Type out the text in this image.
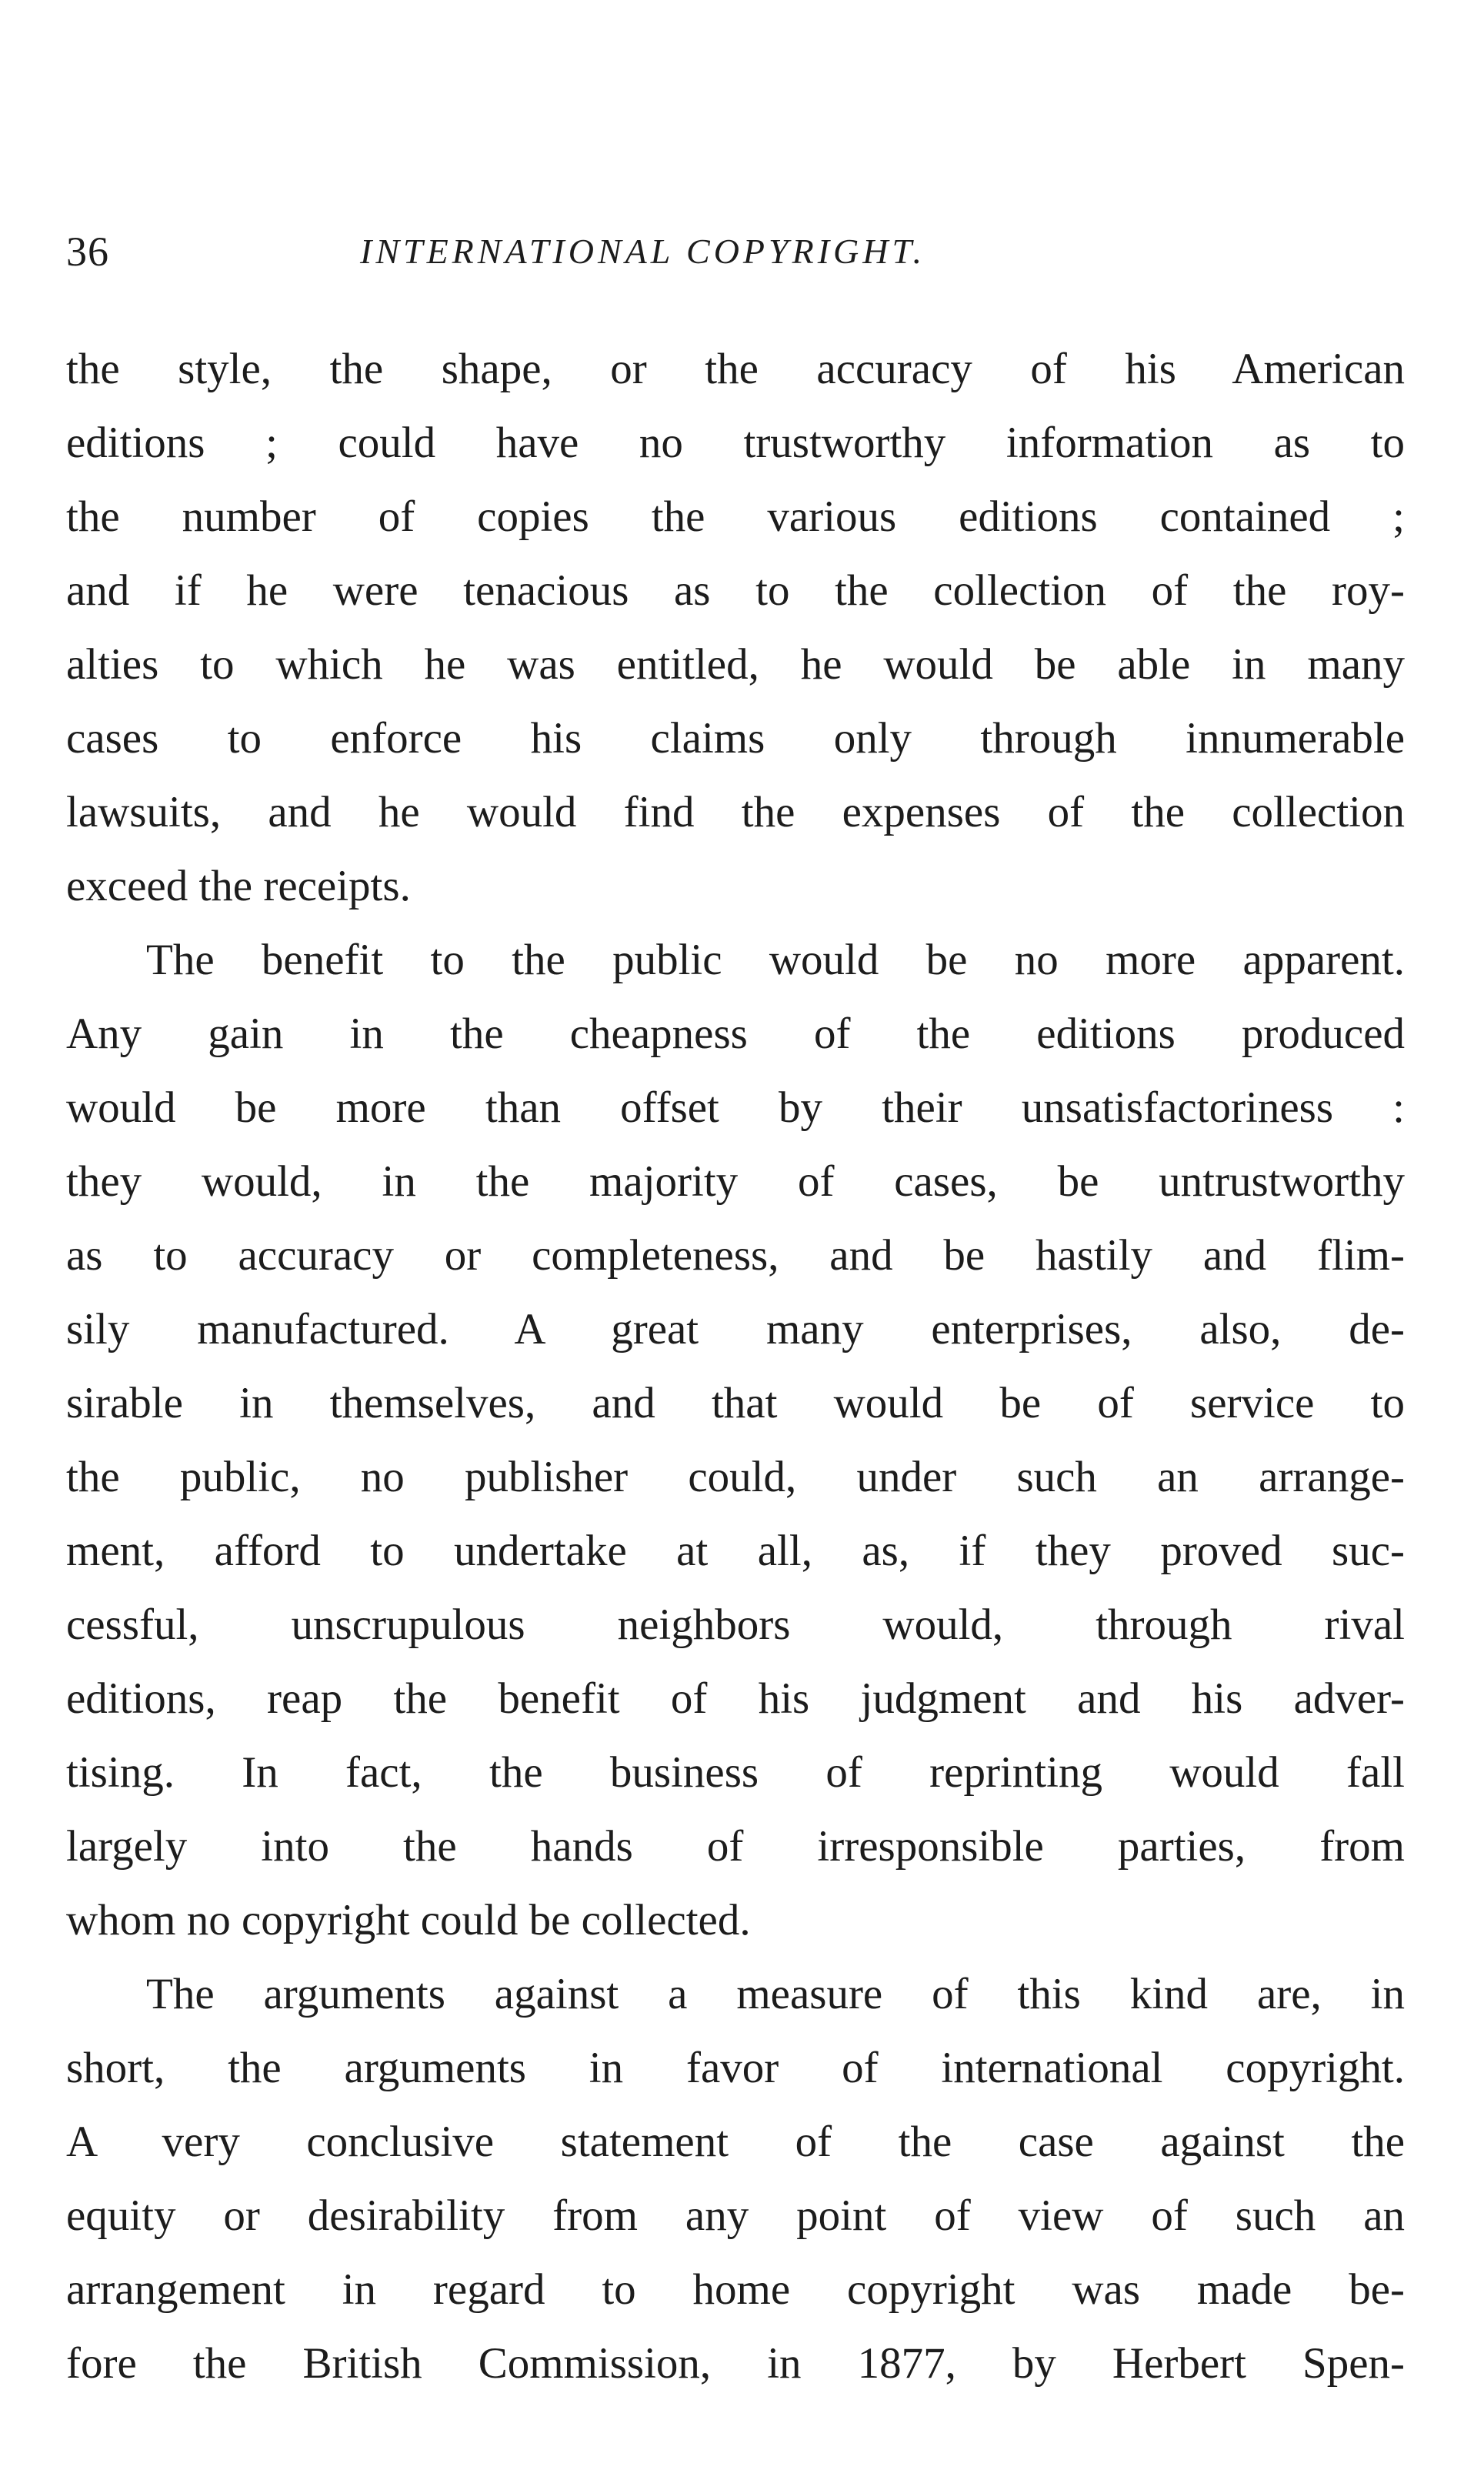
36	INTERNATIONAL COPYRIGHT.
the style, the shape, or the accuracy of his American
editions ; could have no trustworthy information as to
the number of copies the various editions contained ;
and if he were tenacious as to the collection of the roy-
alties to which he was entitled, he would be able in many
cases to enforce his claims only through innumerable
lawsuits, and he would find the expenses of the collection
exceed the receipts.
The benefit to the public would be no more apparent.
Any gain in the cheapness of the editions produced
would be more than offset by their unsatisfactoriness :
they would, in the majority of cases, be untrustworthy
as to accuracy or completeness, and be hastily and flim-
sily manufactured. A great many enterprises, also, de-
sirable in themselves, and that would be of service to
the public, no publisher could, under such an arrange-
ment, afford to undertake at all, as, if they proved suc-
cessful, unscrupulous neighbors would, through rival
editions, reap the benefit of his judgment and his adver-
tising. In fact, the business of reprinting would fall
largely into the hands of irresponsible parties, from
whom no copyright could be collected.
The arguments against a measure of this kind are, in
short, the arguments in favor of international copyright.
A very conclusive statement of the case against the
equity or desirability from any point of view of such an
arrangement in regard to home copyright was made be-
fore the British Commission, in 1877, by Herbert Spen-
